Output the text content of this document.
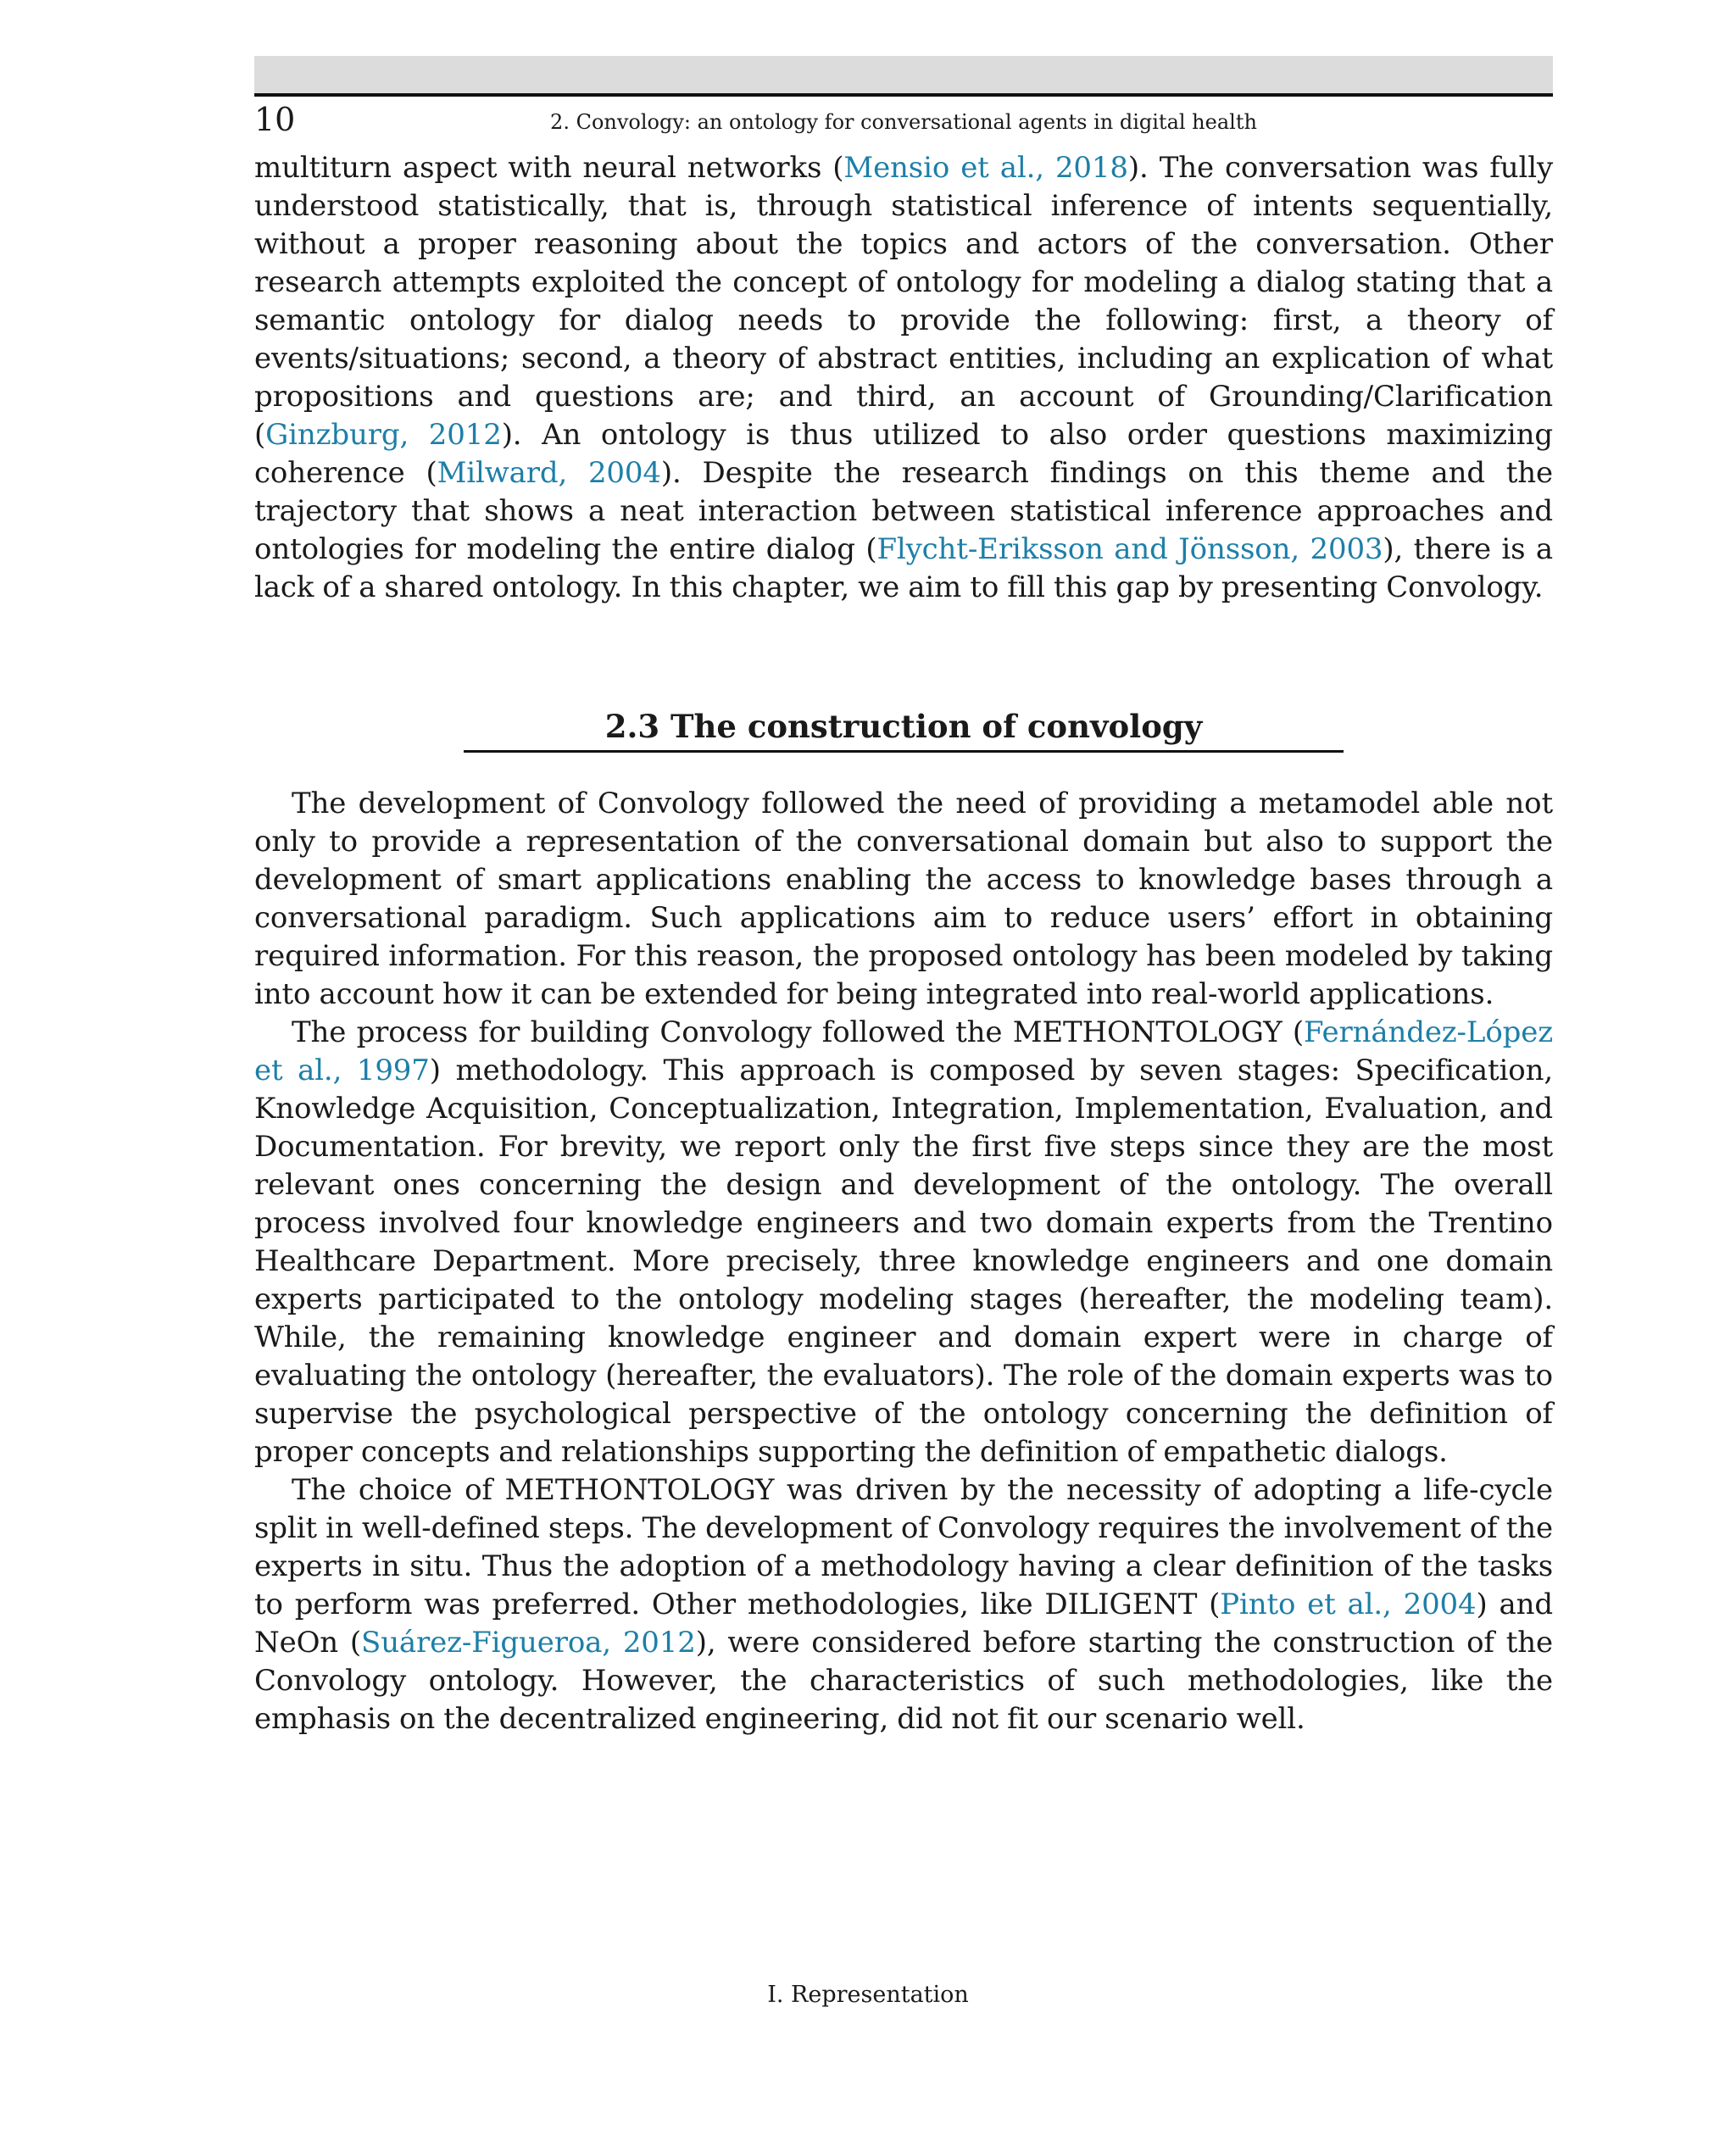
10	2. Convology: an ontology for conversational agents in digital health

multiturn aspect with neural networks (Mensio et al., 2018). The conversation was fully understood statistically, that is, through statistical inference of intents sequentially, without a proper reasoning about the topics and actors of the conversation. Other research attempts exploited the concept of ontology for modeling a dialog stating that a semantic ontology for dialog needs to provide the following: first, a theory of events/situations; second, a theory of abstract entities, including an explication of what propositions and questions are; and third, an account of Grounding/Clarification (Ginzburg, 2012). An ontology is thus utilized to also order questions maximizing coherence (Milward, 2004). Despite the research findings on this theme and the trajectory that shows a neat interaction between statistical inference approaches and ontologies for modeling the entire dialog (Flycht-Eriksson and Jönsson, 2003), there is a lack of a shared ontology. In this chapter, we aim to fill this gap by presenting Convology.

2.3 The construction of convology

The development of Convology followed the need of providing a metamodel able not only to provide a representation of the conversational domain but also to support the development of smart applications enabling the access to knowledge bases through a conversational paradigm. Such applications aim to reduce users’ effort in obtaining required information. For this reason, the proposed ontology has been modeled by taking into account how it can be extended for being integrated into real-world applications.

The process for building Convology followed the METHONTOLOGY (Fernández-López et al., 1997) methodology. This approach is composed by seven stages: Specification, Knowledge Acquisition, Conceptualization, Integration, Implementation, Evaluation, and Documentation. For brevity, we report only the first five steps since they are the most relevant ones concerning the design and development of the ontology. The overall process involved four knowledge engineers and two domain experts from the Trentino Healthcare Department. More precisely, three knowledge engineers and one domain experts participated to the ontology modeling stages (hereafter, the modeling team). While, the remaining knowledge engineer and domain expert were in charge of evaluating the ontology (hereafter, the evaluators). The role of the domain experts was to supervise the psychological perspective of the ontology concerning the definition of proper concepts and relationships supporting the definition of empathetic dialogs.

The choice of METHONTOLOGY was driven by the necessity of adopting a life-cycle split in well-defined steps. The development of Convology requires the involvement of the experts in situ. Thus the adoption of a methodology having a clear definition of the tasks to perform was preferred. Other methodologies, like DILIGENT (Pinto et al., 2004) and NeOn (Suárez-Figueroa, 2012), were considered before starting the construction of the Convology ontology. However, the characteristics of such methodologies, like the emphasis on the decentralized engineering, did not fit our scenario well.

I. Representation
